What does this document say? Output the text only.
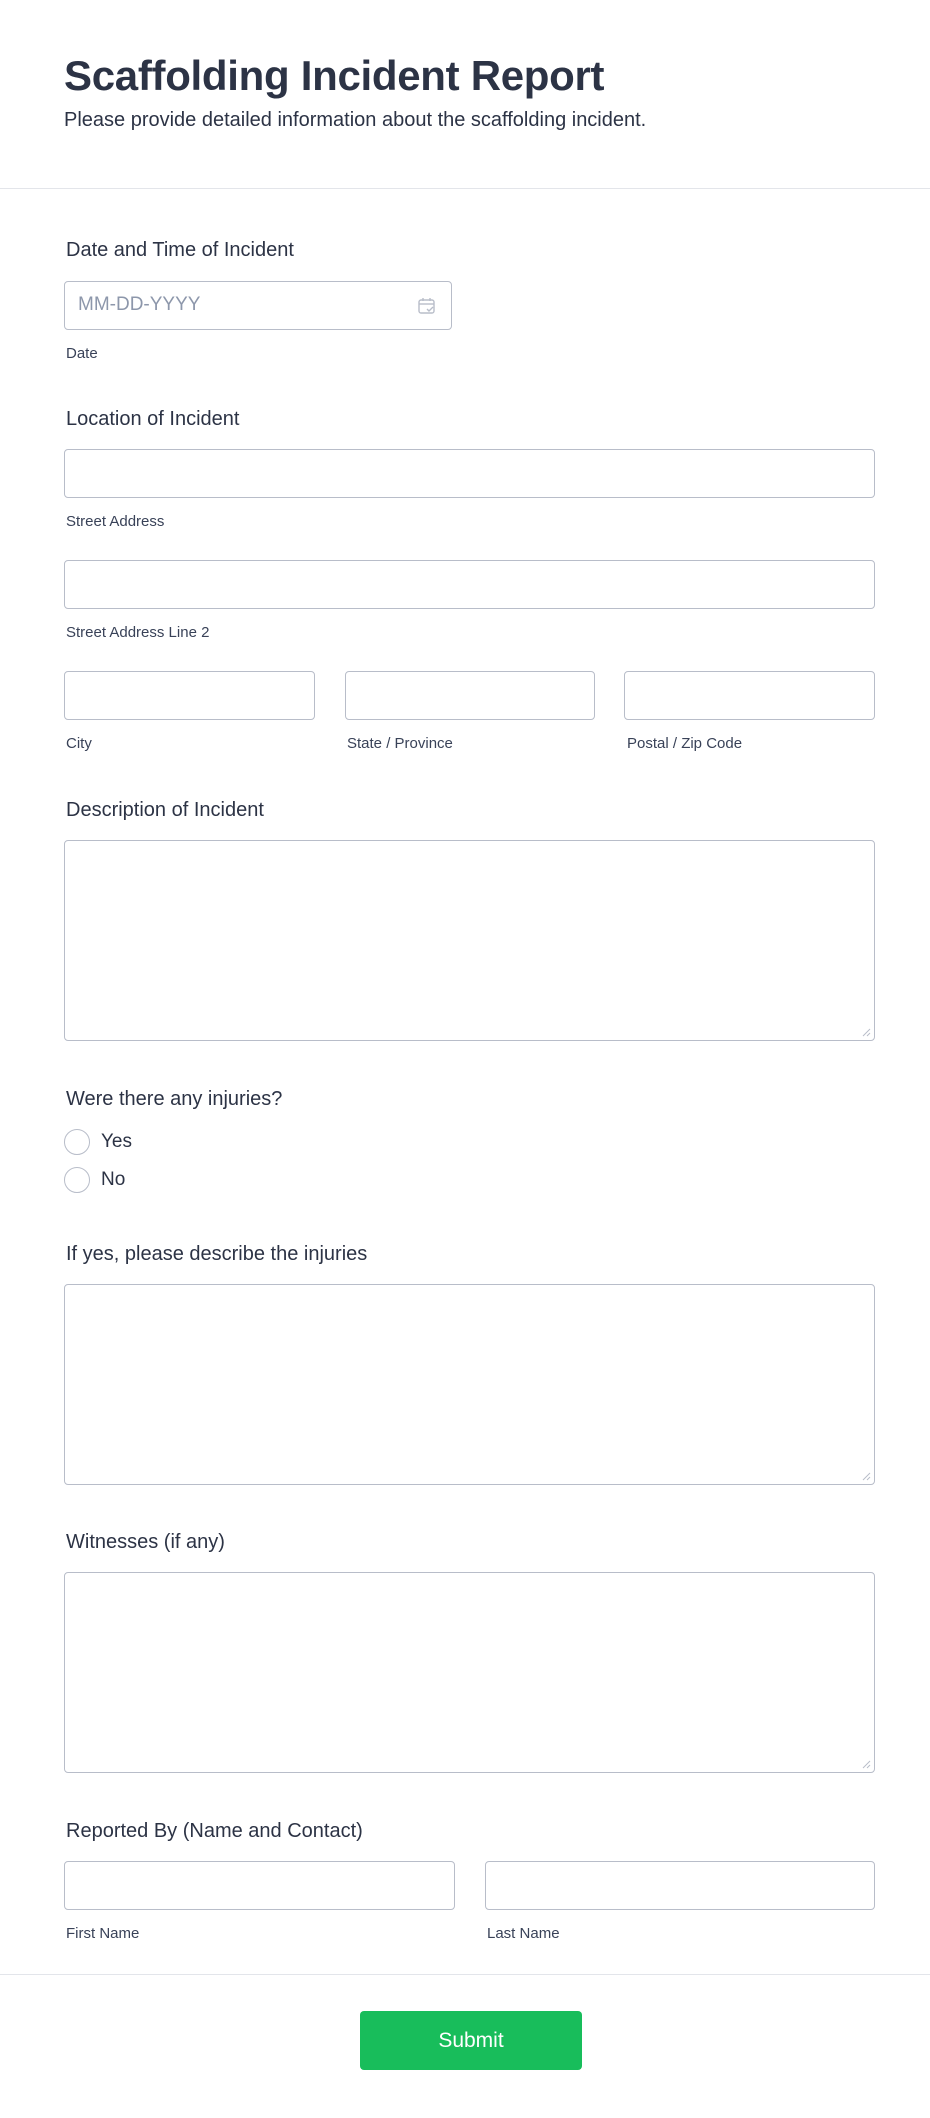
Scaffolding Incident Report
Please provide detailed information about the scaffolding incident.
Date and Time of Incident
MM-DD-YYYY
Date
Location of Incident
Street Address
Street Address Line 2
City	State / Province	Postal / Zip Code
Description of Incident
Were there any injuries?
Yes
No
If yes, please describe the injuries
Witnesses (if any)
Reported By (Name and Contact)
First Name	Last Name
Submit
